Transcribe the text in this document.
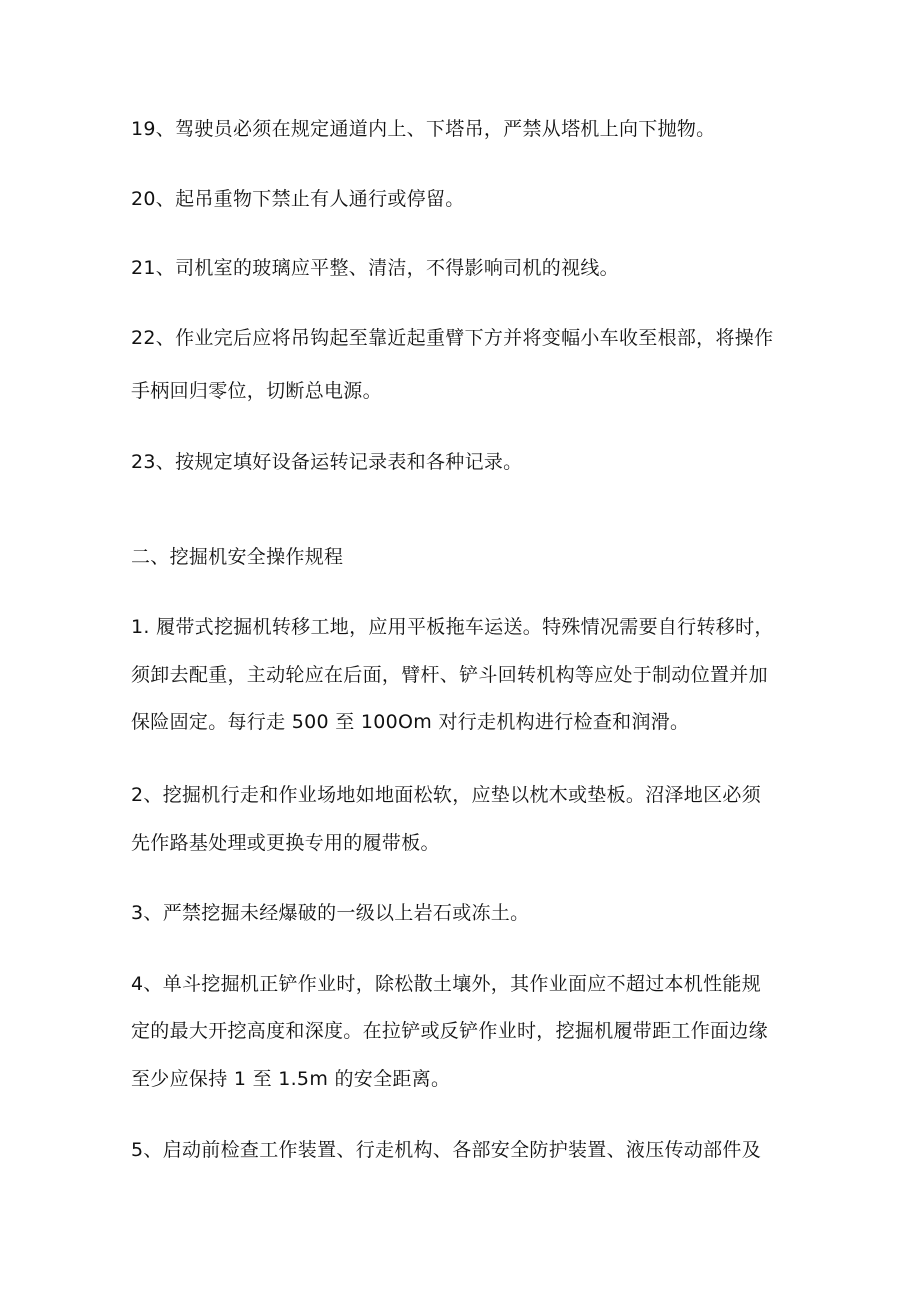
19、驾驶员必须在规定通道内上、下塔吊，严禁从塔机上向下抛物。
20、起吊重物下禁止有人通行或停留。
21、司机室的玻璃应平整、清洁，不得影响司机的视线。
22、作业完后应将吊钩起至靠近起重臂下方并将变幅小车收至根部，将操作
手柄回归零位，切断总电源。
23、按规定填好设备运转记录表和各种记录。
二、挖掘机安全操作规程
1. 履带式挖掘机转移工地，应用平板拖车运送。特殊情况需要自行转移时，
须卸去配重，主动轮应在后面，臂杆、铲斗回转机构等应处于制动位置并加
保险固定。每行走 500 至 100Om 对行走机构进行检查和润滑。
2、挖掘机行走和作业场地如地面松软，应垫以枕木或垫板。沼泽地区必须
先作路基处理或更换专用的履带板。
3、严禁挖掘未经爆破的一级以上岩石或冻土。
4、单斗挖掘机正铲作业时，除松散土壤外，其作业面应不超过本机性能规
定的最大开挖高度和深度。在拉铲或反铲作业时，挖掘机履带距工作面边缘
至少应保持 1 至 1.5m 的安全距离。
5、启动前检查工作装置、行走机构、各部安全防护装置、液压传动部件及
